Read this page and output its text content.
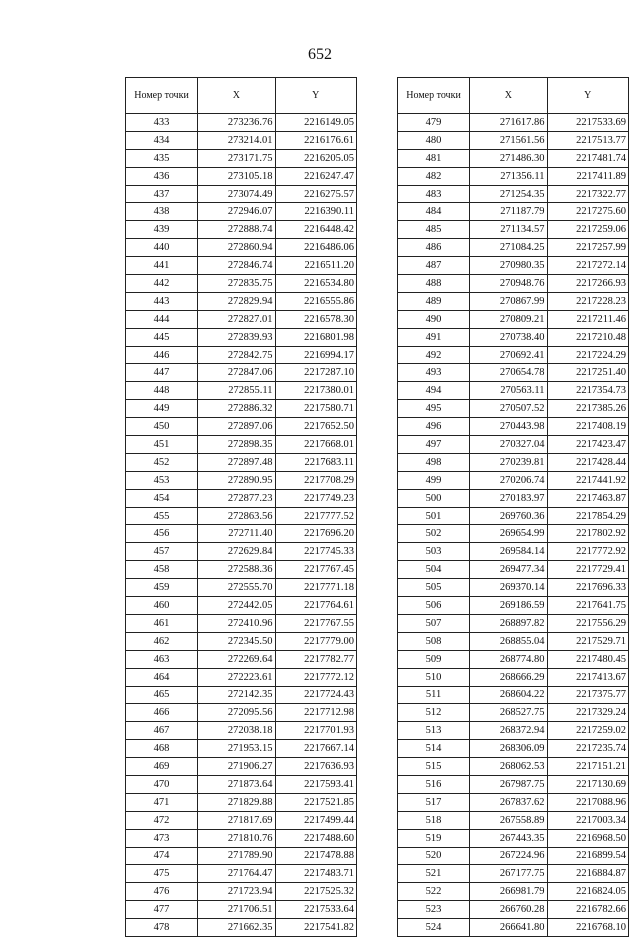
652
Номер точки	X	Y
433	273236.76	2216149.05
434	273214.01	2216176.61
435	273171.75	2216205.05
436	273105.18	2216247.47
437	273074.49	2216275.57
438	272946.07	2216390.11
439	272888.74	2216448.42
440	272860.94	2216486.06
441	272846.74	2216511.20
442	272835.75	2216534.80
443	272829.94	2216555.86
444	272827.01	2216578.30
445	272839.93	2216801.98
446	272842.75	2216994.17
447	272847.06	2217287.10
448	272855.11	2217380.01
449	272886.32	2217580.71
450	272897.06	2217652.50
451	272898.35	2217668.01
452	272897.48	2217683.11
453	272890.95	2217708.29
454	272877.23	2217749.23
455	272863.56	2217777.52
456	272711.40	2217696.20
457	272629.84	2217745.33
458	272588.36	2217767.45
459	272555.70	2217771.18
460	272442.05	2217764.61
461	272410.96	2217767.55
462	272345.50	2217779.00
463	272269.64	2217782.77
464	272223.61	2217772.12
465	272142.35	2217724.43
466	272095.56	2217712.98
467	272038.18	2217701.93
468	271953.15	2217667.14
469	271906.27	2217636.93
470	271873.64	2217593.41
471	271829.88	2217521.85
472	271817.69	2217499.44
473	271810.76	2217488.60
474	271789.90	2217478.88
475	271764.47	2217483.71
476	271723.94	2217525.32
477	271706.51	2217533.64
478	271662.35	2217541.82
Номер точки	X	Y
479	271617.86	2217533.69
480	271561.56	2217513.77
481	271486.30	2217481.74
482	271356.11	2217411.89
483	271254.35	2217322.77
484	271187.79	2217275.60
485	271134.57	2217259.06
486	271084.25	2217257.99
487	270980.35	2217272.14
488	270948.76	2217266.93
489	270867.99	2217228.23
490	270809.21	2217211.46
491	270738.40	2217210.48
492	270692.41	2217224.29
493	270654.78	2217251.40
494	270563.11	2217354.73
495	270507.52	2217385.26
496	270443.98	2217408.19
497	270327.04	2217423.47
498	270239.81	2217428.44
499	270206.74	2217441.92
500	270183.97	2217463.87
501	269760.36	2217854.29
502	269654.99	2217802.92
503	269584.14	2217772.92
504	269477.34	2217729.41
505	269370.14	2217696.33
506	269186.59	2217641.75
507	268897.82	2217556.29
508	268855.04	2217529.71
509	268774.80	2217480.45
510	268666.29	2217413.67
511	268604.22	2217375.77
512	268527.75	2217329.24
513	268372.94	2217259.02
514	268306.09	2217235.74
515	268062.53	2217151.21
516	267987.75	2217130.69
517	267837.62	2217088.96
518	267558.89	2217003.34
519	267443.35	2216968.50
520	267224.96	2216899.54
521	267177.75	2216884.87
522	266981.79	2216824.05
523	266760.28	2216782.66
524	266641.80	2216768.10
